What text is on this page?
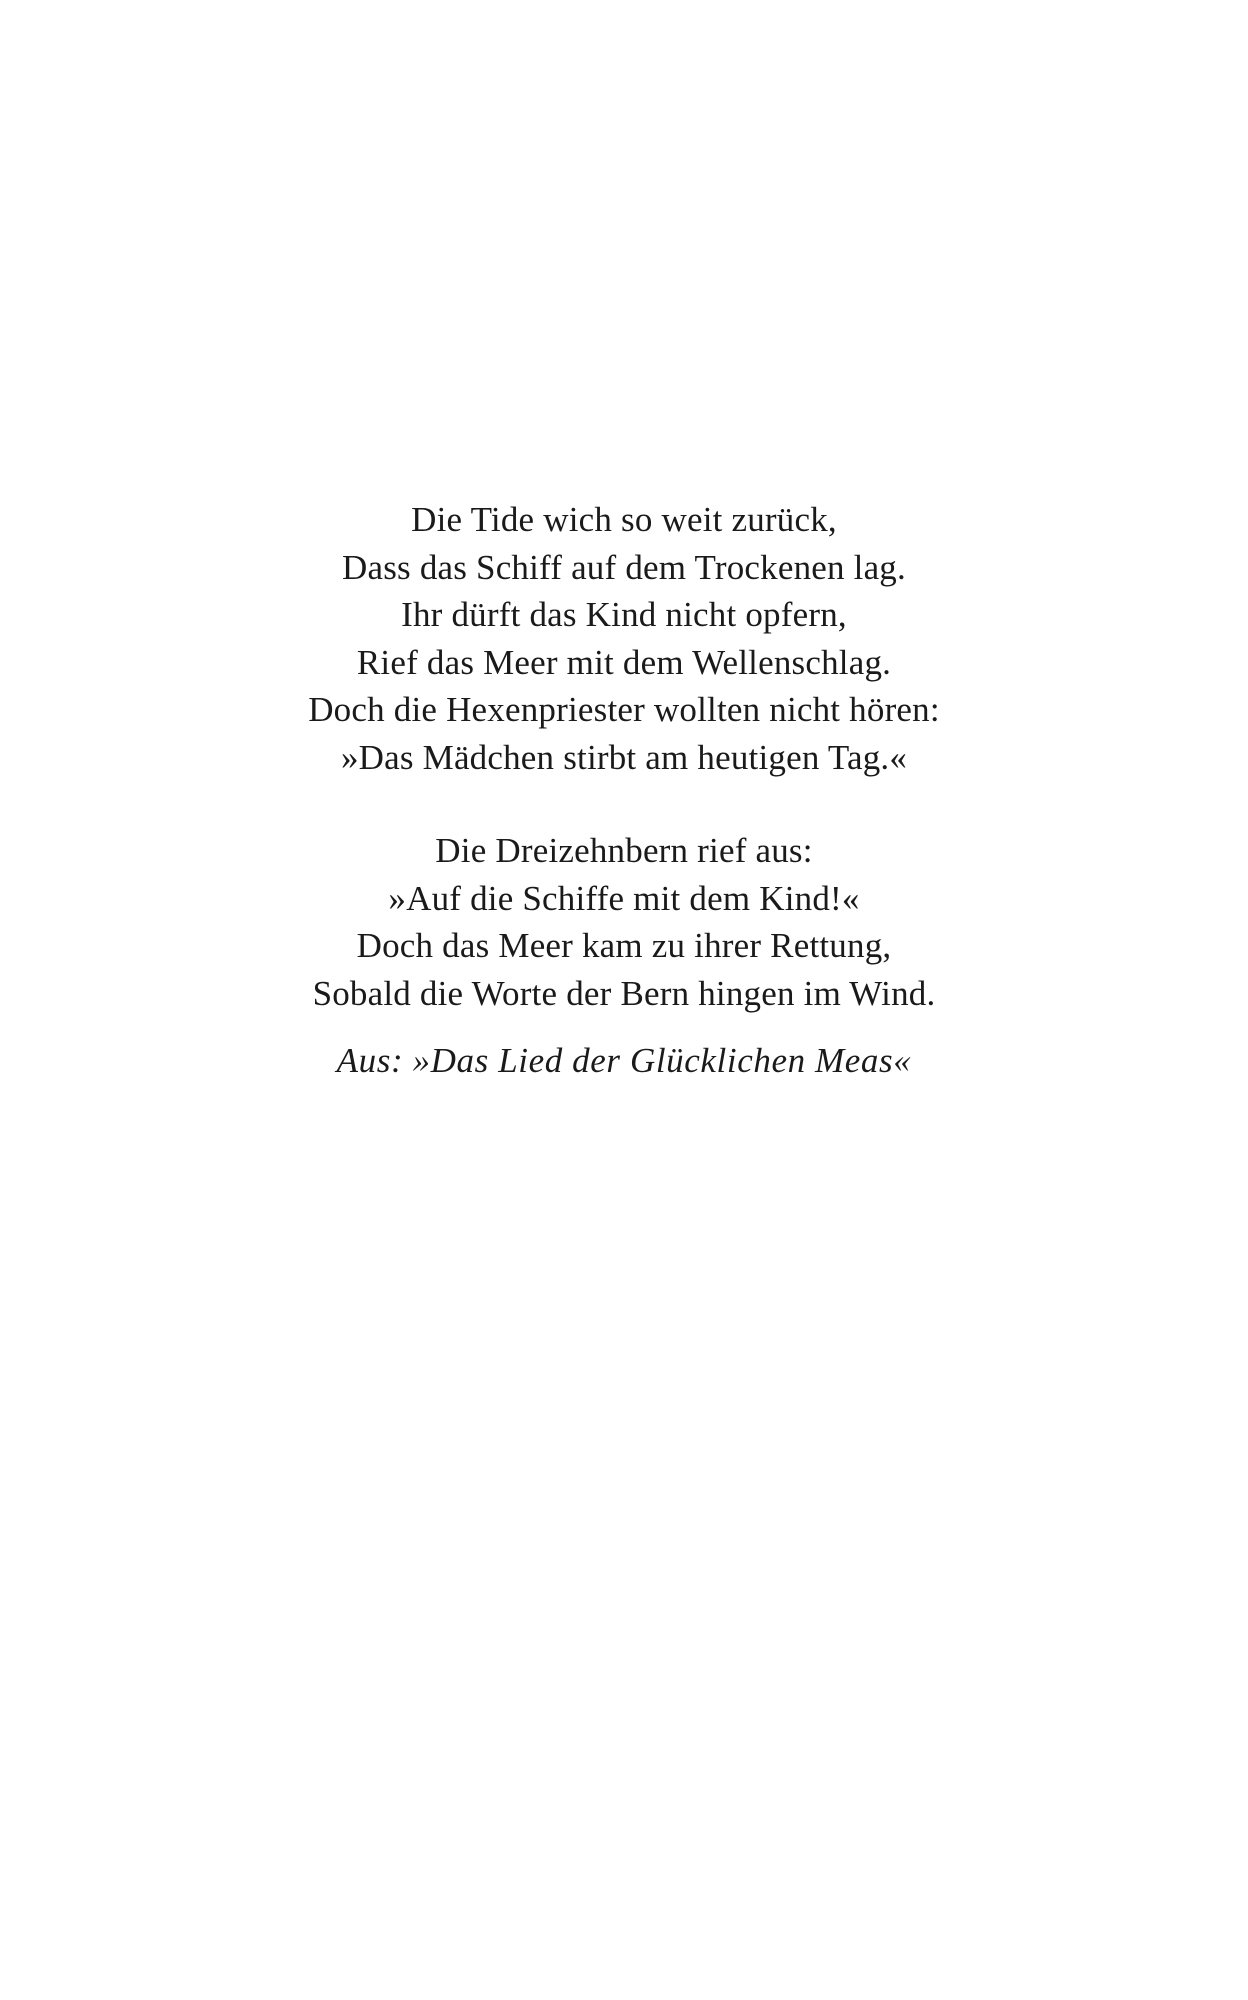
Die Tide wich so weit zurück,
Dass das Schiff auf dem Trockenen lag.
Ihr dürft das Kind nicht opfern,
Rief das Meer mit dem Wellenschlag.
Doch die Hexenpriester wollten nicht hören:
»Das Mädchen stirbt am heutigen Tag.«

Die Dreizehnbern rief aus:
»Auf die Schiffe mit dem Kind!«
Doch das Meer kam zu ihrer Rettung,
Sobald die Worte der Bern hingen im Wind.

Aus: »Das Lied der Glücklichen Meas«
